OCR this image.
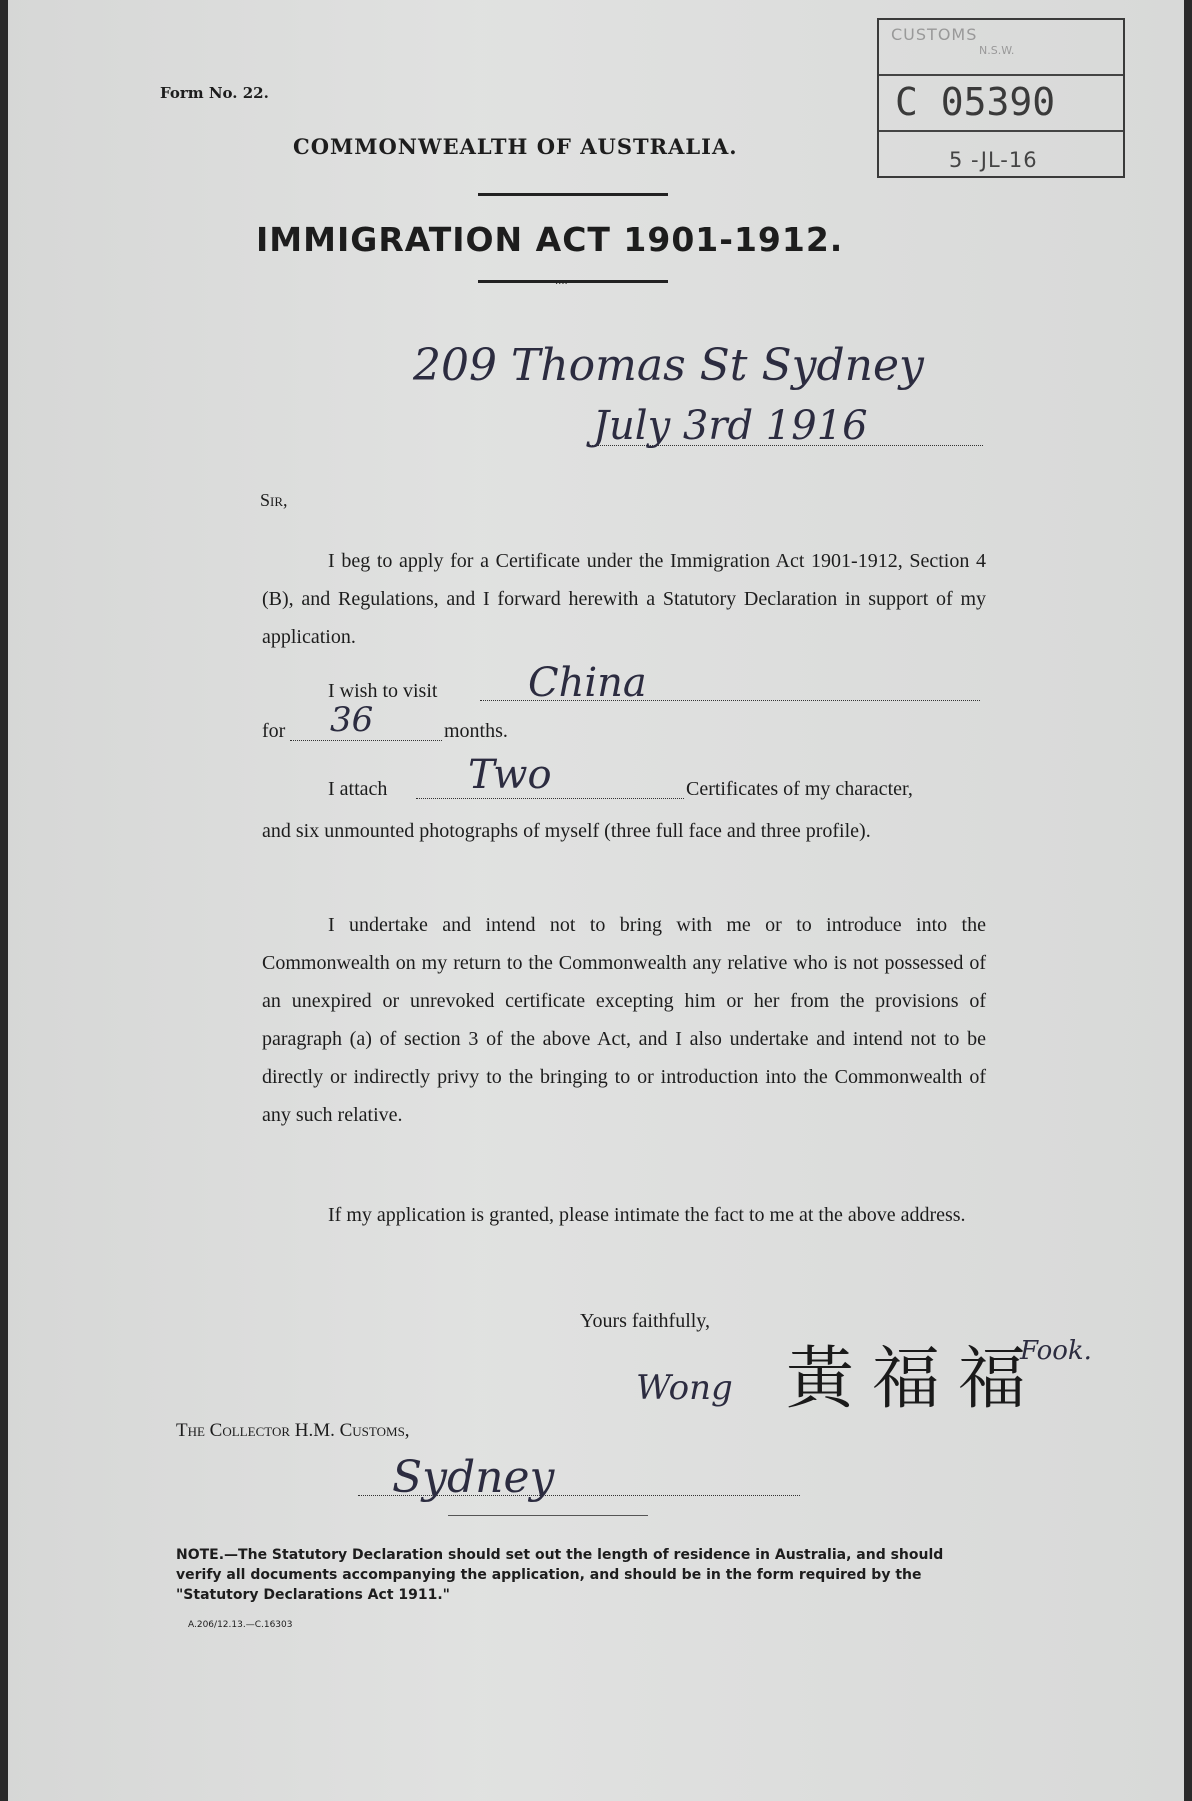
Form No. 22.
COMMONWEALTH OF AUSTRALIA.
IMMIGRATION ACT 1901-1912.
....
CUSTOMS
N.S.W.
C 05390
5 -JL-16
209 Thomas St Sydney
July 3rd 1916
Sir,

I beg to apply for a Certificate under the Immigration Act 1901-1912, Section 4 (B), and Regulations, and I forward herewith a Statutory Declaration in support of my application.

I wish to visit China
for 36	months.
I attach Two	Certificates of my character,

and six unmounted photographs of myself (three full face and three profile).

I undertake and intend not to bring with me or to introduce into the Commonwealth on my return to the Commonwealth any relative who is not possessed of an unexpired or unrevoked certificate excepting him or her from the provisions of paragraph (a) of section 3 of the above Act, and I also undertake and intend not to be directly or indirectly privy to the bringing to or introduction into the Commonwealth of any such relative.

If my application is granted, please intimate the fact to me at the above address.

Yours faithfully,
Wong 黃福福
Fook.
The Collector H.M. Customs,
Sydney
NOTE.—The Statutory Declaration should set out the length of residence in Australia, and should verify all documents accompanying the application, and should be in the form required by the "Statutory Declarations Act 1911."
A.206/12.13.—C.16303
